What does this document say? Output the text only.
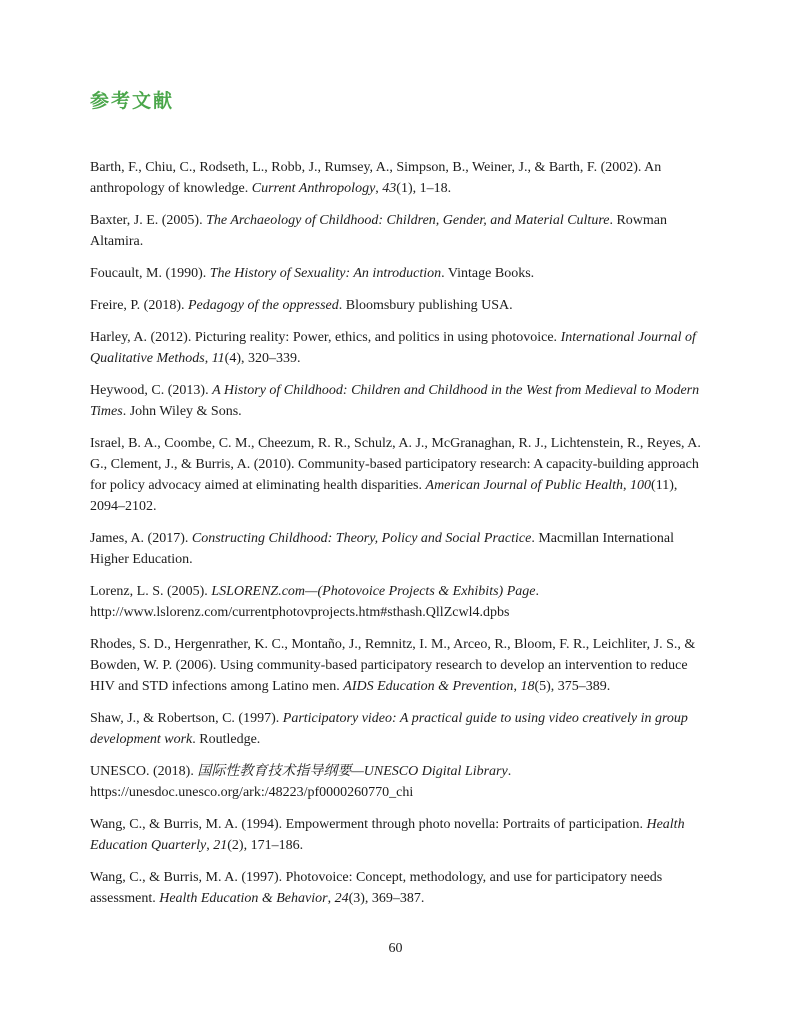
参考文献

Barth, F., Chiu, C., Rodseth, L., Robb, J., Rumsey, A., Simpson, B., Weiner, J., & Barth, F. (2002). An anthropology of knowledge. Current Anthropology, 43(1), 1–18.

Baxter, J. E. (2005). The Archaeology of Childhood: Children, Gender, and Material Culture. Rowman Altamira.

Foucault, M. (1990). The History of Sexuality: An introduction. Vintage Books.

Freire, P. (2018). Pedagogy of the oppressed. Bloomsbury publishing USA.

Harley, A. (2012). Picturing reality: Power, ethics, and politics in using photovoice. International Journal of Qualitative Methods, 11(4), 320–339.

Heywood, C. (2013). A History of Childhood: Children and Childhood in the West from Medieval to Modern Times. John Wiley & Sons.

Israel, B. A., Coombe, C. M., Cheezum, R. R., Schulz, A. J., McGranaghan, R. J., Lichtenstein, R., Reyes, A. G., Clement, J., & Burris, A. (2010). Community-based participatory research: A capacity-building approach for policy advocacy aimed at eliminating health disparities. American Journal of Public Health, 100(11), 2094–2102.

James, A. (2017). Constructing Childhood: Theory, Policy and Social Practice. Macmillan International Higher Education.

Lorenz, L. S. (2005). LSLORENZ.com—(Photovoice Projects & Exhibits) Page. http://www.lslorenz.com/currentphotovprojects.htm#sthash.QllZcwl4.dpbs

Rhodes, S. D., Hergenrather, K. C., Montaño, J., Remnitz, I. M., Arceo, R., Bloom, F. R., Leichliter, J. S., & Bowden, W. P. (2006). Using community-based participatory research to develop an intervention to reduce HIV and STD infections among Latino men. AIDS Education & Prevention, 18(5), 375–389.

Shaw, J., & Robertson, C. (1997). Participatory video: A practical guide to using video creatively in group development work. Routledge.

UNESCO. (2018). 国际性教育技术指导纲要—UNESCO Digital Library. https://unesdoc.unesco.org/ark:/48223/pf0000260770_chi

Wang, C., & Burris, M. A. (1994). Empowerment through photo novella: Portraits of participation. Health Education Quarterly, 21(2), 171–186.

Wang, C., & Burris, M. A. (1997). Photovoice: Concept, methodology, and use for participatory needs assessment. Health Education & Behavior, 24(3), 369–387.

60
